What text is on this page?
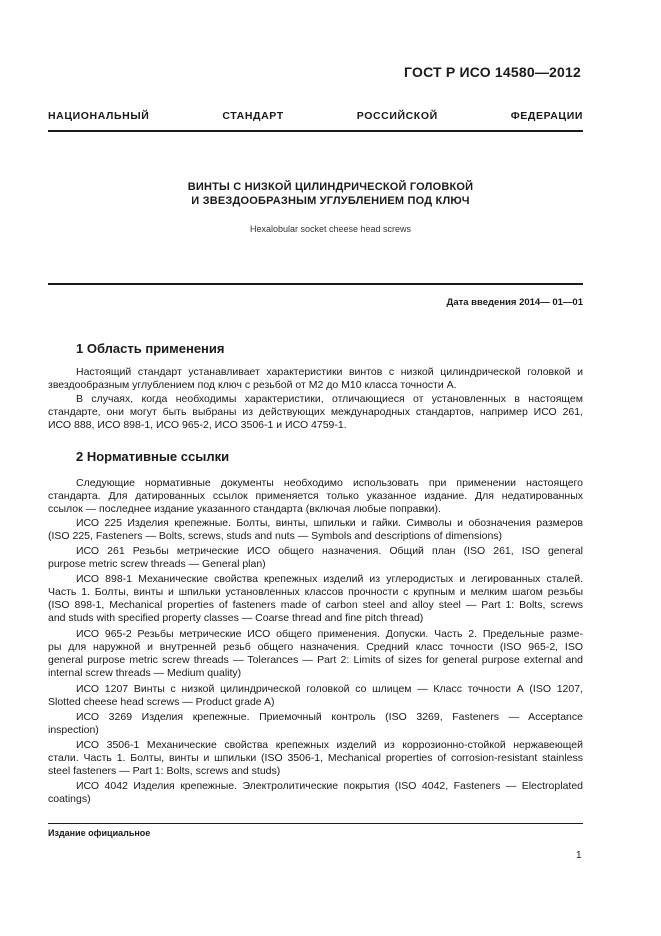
ГОСТ Р ИСО 14580—2012
НАЦИОНАЛЬНЫЙ СТАНДАРТ РОССИЙСКОЙ ФЕДЕРАЦИИ
ВИНТЫ С НИЗКОЙ ЦИЛИНДРИЧЕСКОЙ ГОЛОВКОЙ
И ЗВЕЗДООБРАЗНЫМ УГЛУБЛЕНИЕМ ПОД КЛЮЧ
Hexalobular socket cheese head screws
Дата введения 2014— 01—01
1 Область применения
Настоящий стандарт устанавливает характеристики винтов с низкой цилиндрической головкой и
звездообразным углублением под ключ с резьбой от М2 до М10 класса точности А.
В случаях, когда необходимы характеристики, отличающиеся от установленных в настоящем
стандарте, они могут быть выбраны из действующих международных стандартов, например ИСО 261,
ИСО 888, ИСО 898-1, ИСО 965-2, ИСО 3506-1 и ИСО 4759-1.
2 Нормативные ссылки
Следующие нормативные документы необходимо использовать при применении настоящего
стандарта. Для датированных ссылок применяется только указанное издание. Для недатированных
ссылок — последнее издание указанного стандарта (включая любые поправки).
ИСО 225 Изделия крепежные. Болты, винты, шпильки и гайки. Символы и обозначения размеров
(ISO 225, Fasteners — Bolts, screws, studs and nuts — Symbols and descriptions of dimensions)
ИСО 261 Резьбы метрические ИСО общего назначения. Общий план (ISO 261, ISO general
purpose metric screw threads — General plan)
ИСО 898-1 Механические свойства крепежных изделий из углеродистых и легированных сталей.
Часть 1. Болты, винты и шпильки установленных классов прочности с крупным и мелким шагом резьбы
(ISO 898-1, Mechanical properties of fasteners made of carbon steel and alloy steel — Part 1: Bolts, screws
and studs with specified property classes — Coarse thread and fine pitch thread)
ИСО 965-2 Резьбы метрические ИСО общего применения. Допуски. Часть 2. Предельные разме-
ры для наружной и внутренней резьб общего назначения. Средний класс точности (ISO 965-2, ISO
general purpose metric screw threads — Tolerances — Part 2: Limits of sizes for general purpose external and
internal screw threads — Medium quality)
ИСО 1207 Винты с низкой цилиндрической головкой со шлицем — Класс точности А (ISO 1207,
Slotted cheese head screws — Product grade A)
ИСО 3269 Изделия крепежные. Приемочный контроль (ISO 3269, Fasteners — Acceptance
inspection)
ИСО 3506-1 Механические свойства крепежных изделий из коррозионно-стойкой нержавеющей
стали. Часть 1. Болты, винты и шпильки (ISO 3506-1, Mechanical properties of corrosion-resistant stainless
steel fasteners — Part 1: Bolts, screws and studs)
ИСО 4042 Изделия крепежные. Электролитические покрытия (ISO 4042, Fasteners — Electroplated
coatings)
Издание официальное
1
